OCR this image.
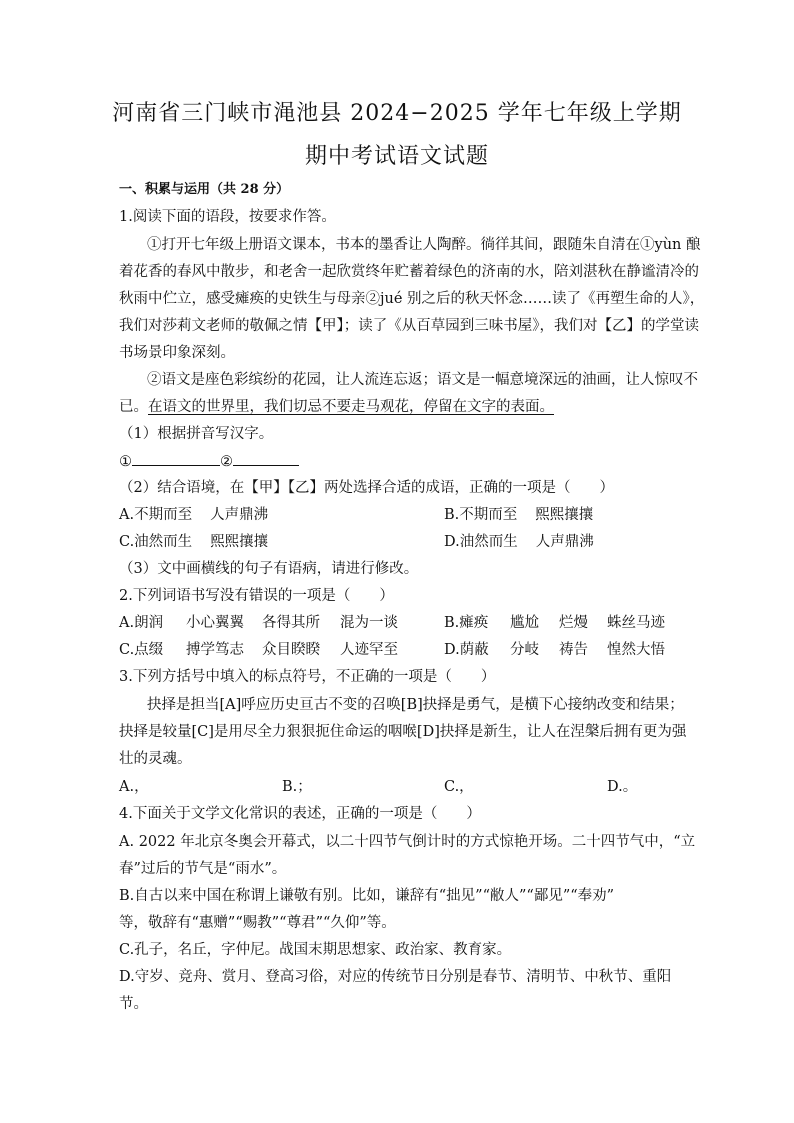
河南省三门峡市渑池县 2024−2025 学年七年级上学期
期中考试语文试题
一、积累与运用（共 28 分）
1.阅读下面的语段，按要求作答。
①打开七年级上册语文课本，书本的墨香让人陶醉。徜徉其间，跟随朱自清在①yùn 酿
着花香的春风中散步，和老舍一起欣赏终年贮蓄着绿色的济南的水，陪刘湛秋在静谧清冷的
秋雨中伫立，感受瘫痪的史铁生与母亲②jué 别之后的秋天怀念……读了《再塑生命的人》，
我们对莎莉文老师的敬佩之情【甲】；读了《从百草园到三味书屋》，我们对【乙】的学堂读
书场景印象深刻。
②语文是座色彩缤纷的花园，让人流连忘返；语文是一幅意境深远的油画，让人惊叹不
已。在语文的世界里，我们切忌不要走马观花，停留在文字的表面。
（1）根据拼音写汉字。
①	②
（2）结合语境，在【甲】【乙】两处选择合适的成语，正确的一项是（　　）
A.不期而至 人声鼎沸	B.不期而至 熙熙攘攘
C.油然而生 熙熙攘攘	D.油然而生 人声鼎沸
（3）文中画横线的句子有语病，请进行修改。
2.下列词语书写没有错误的一项是（　　）
A.朗润 小心翼翼 各得其所 混为一谈	B.瘫痪 尴尬 烂熳 蛛丝马迹
C.点缀 搏学笃志 众目睽睽 人迹罕至	D.荫蔽 分岐 祷告 惶然大悟
3.下列方括号中填入的标点符号，不正确的一项是（　　）
抉择是担当[A]呼应历史亘古不变的召唤[B]抉择是勇气，是横下心接纳改变和结果；
抉择是较量[C]是用尽全力狠狠扼住命运的咽喉[D]抉择是新生，让人在涅槃后拥有更为强
壮的灵魂。
A.，	B.；	C.，	D.。
4.下面关于文学文化常识的表述，正确的一项是（　　）
A. 2022 年北京冬奥会开幕式，以二十四节气倒计时的方式惊艳开场。二十四节气中，“立
春”过后的节气是“雨水”。
B.自古以来中国在称谓上谦敬有别。比如，谦辞有“拙见”“敝人”“鄙见”“奉劝”
等，敬辞有“惠赠”“赐教”“尊君”“久仰”等。
C.孔子，名丘，字仲尼。战国末期思想家、政治家、教育家。
D.守岁、竞舟、赏月、登高习俗，对应的传统节日分别是春节、清明节、中秋节、重阳
节。
